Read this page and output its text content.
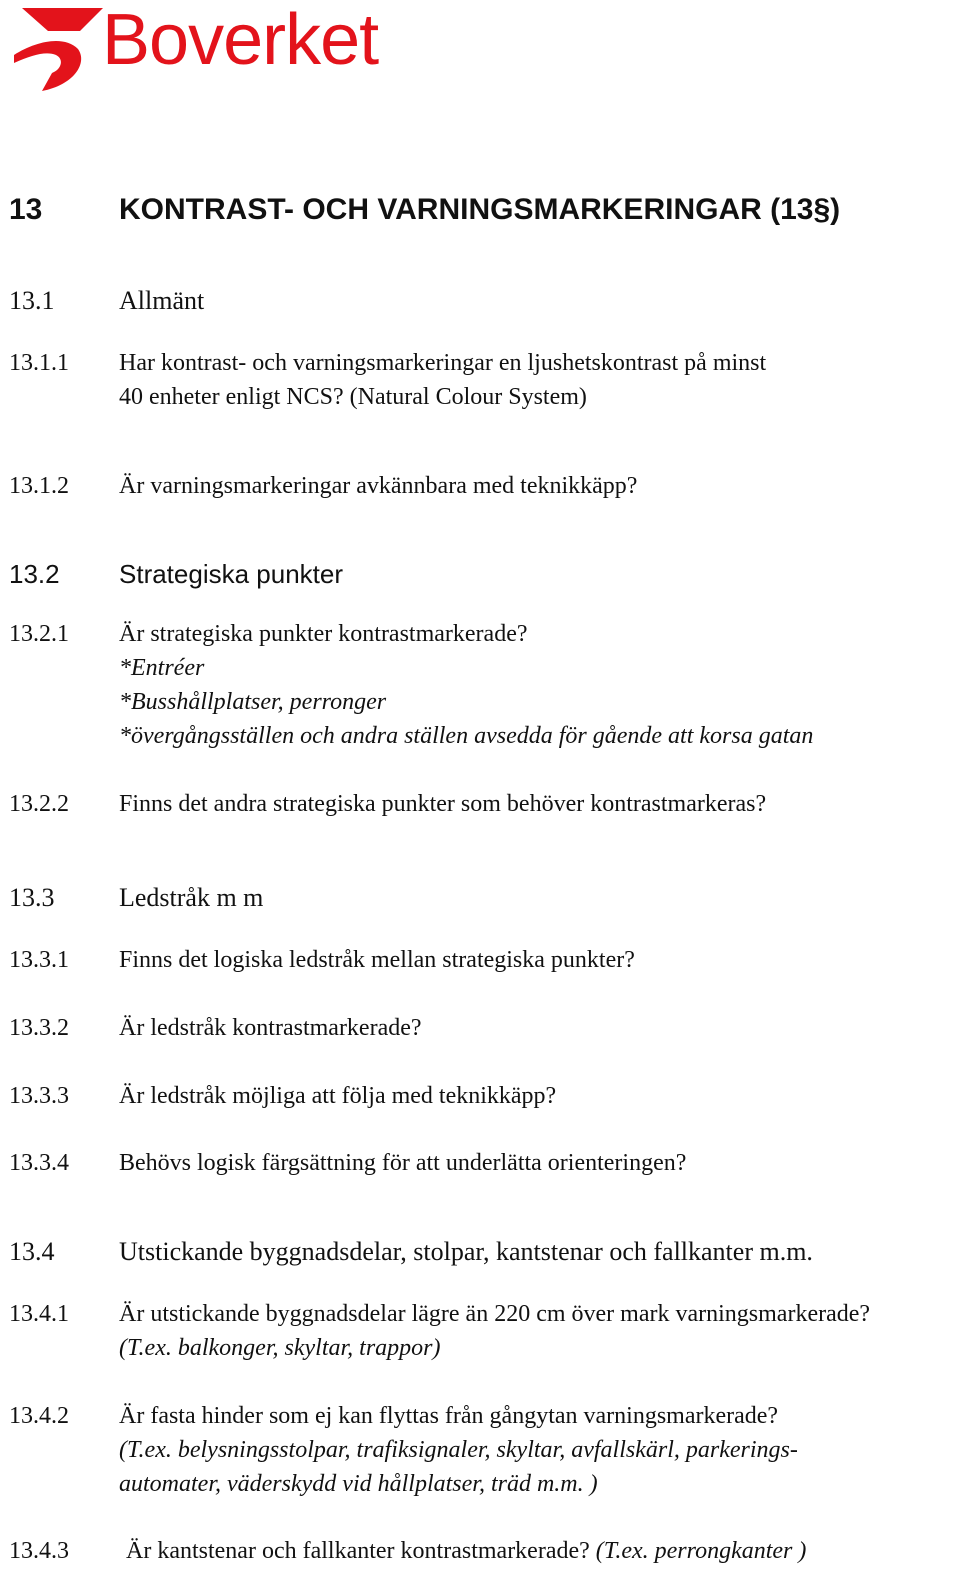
Boverket
13	KONTRAST- OCH VARNINGSMARKERINGAR (13§)
13.1	Allmänt
13.1.1	Har kontrast- och varningsmarkeringar en ljushetskontrast på minst
40 enheter enligt NCS? (Natural Colour System)
13.1.2	Är varningsmarkeringar avkännbara med teknikkäpp?
13.2	Strategiska punkter
13.2.1	Är strategiska punkter kontrastmarkerade?
*Entréer
*Busshållplatser, perronger
*övergångsställen och andra ställen avsedda för gående att korsa gatan
13.2.2	Finns det andra strategiska punkter som behöver kontrastmarkeras?
13.3	Ledstråk m m
13.3.1	Finns det logiska ledstråk mellan strategiska punkter?
13.3.2	Är ledstråk kontrastmarkerade?
13.3.3	Är ledstråk möjliga att följa med teknikkäpp?
13.3.4	Behövs logisk färgsättning för att underlätta orienteringen?
13.4	Utstickande byggnadsdelar, stolpar, kantstenar och fallkanter m.m.
13.4.1	Är utstickande byggnadsdelar lägre än 220 cm över mark varningsmarkerade?
(T.ex. balkonger, skyltar, trappor)
13.4.2	Är fasta hinder som ej kan flyttas från gångytan varningsmarkerade?
(T.ex. belysningsstolpar, trafiksignaler, skyltar, avfallskärl, parkerings-
automater, väderskydd vid hållplatser, träd m.m. )
13.4.3	Är kantstenar och fallkanter kontrastmarkerade? (T.ex. perrongkanter )
